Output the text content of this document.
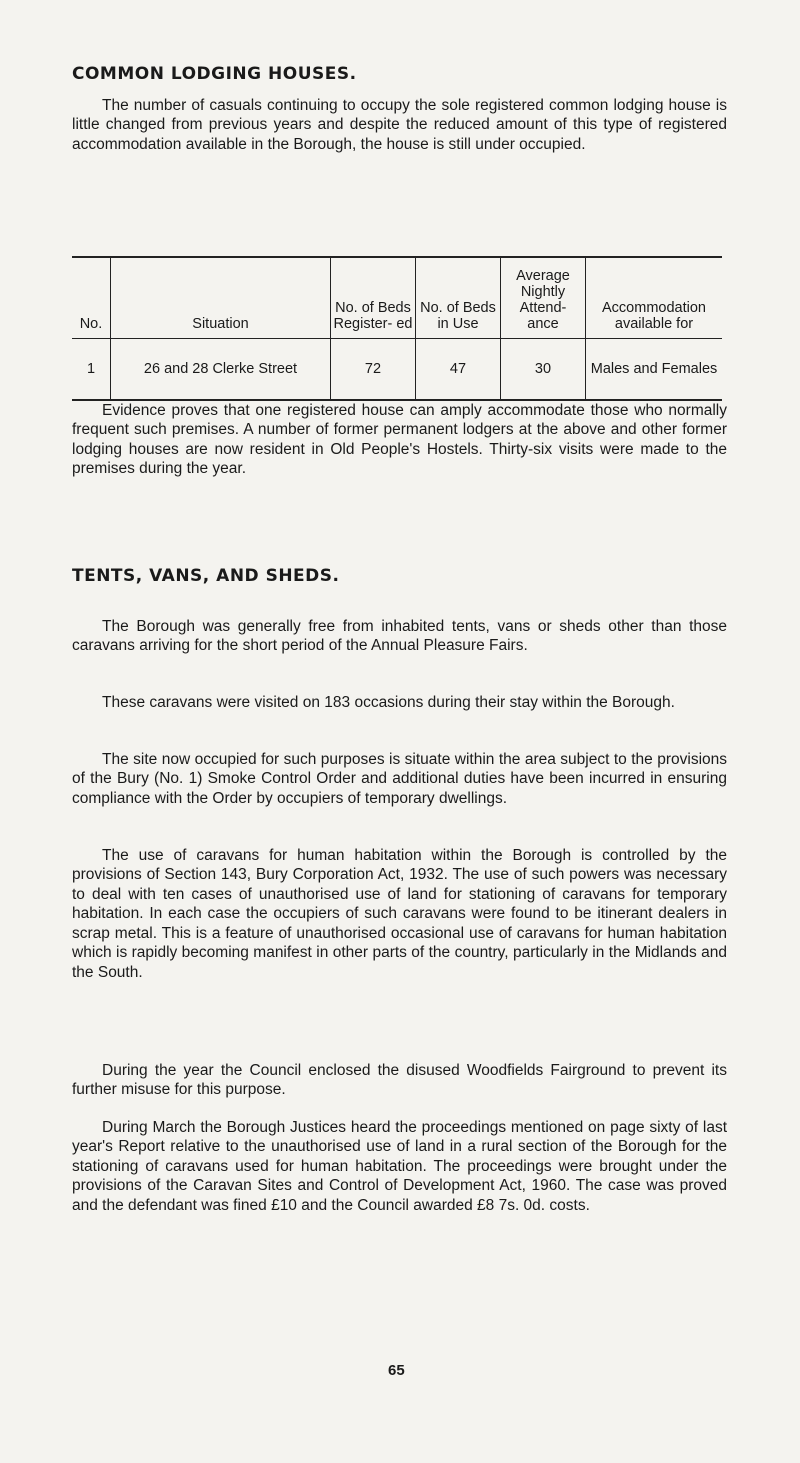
COMMON LODGING HOUSES.

The number of casuals continuing to occupy the sole registered common lodging house is little changed from previous years and despite the reduced amount of this type of registered accommodation available in the Borough, the house is still under occupied.

No.	Situation	No. of Beds Register- ed	No. of Beds in Use	Average Nightly Attend- ance	Accommodation available for
1	26 and 28 Clerke Street	72	47	30	Males and Females

Evidence proves that one registered house can amply accommodate those who normally frequent such premises. A number of former permanent lodgers at the above and other former lodging houses are now resident in Old People's Hostels. Thirty-six visits were made to the premises during the year.

TENTS, VANS, AND SHEDS.

The Borough was generally free from inhabited tents, vans or sheds other than those caravans arriving for the short period of the Annual Pleasure Fairs.

These caravans were visited on 183 occasions during their stay within the Borough.

The site now occupied for such purposes is situate within the area subject to the provisions of the Bury (No. 1) Smoke Control Order and additional duties have been incurred in ensuring compliance with the Order by occupiers of temporary dwellings.

The use of caravans for human habitation within the Borough is controlled by the provisions of Section 143, Bury Corporation Act, 1932. The use of such powers was necessary to deal with ten cases of unauthorised use of land for stationing of caravans for temporary habitation. In each case the occupiers of such caravans were found to be itinerant dealers in scrap metal. This is a feature of unauthorised occasional use of caravans for human habitation which is rapidly becoming manifest in other parts of the country, particularly in the Midlands and the South.

During the year the Council enclosed the disused Woodfields Fairground to prevent its further misuse for this purpose.

During March the Borough Justices heard the proceedings mentioned on page sixty of last year's Report relative to the unauthorised use of land in a rural section of the Borough for the stationing of caravans used for human habitation. The proceedings were brought under the provisions of the Caravan Sites and Control of Development Act, 1960. The case was proved and the defendant was fined £10 and the Council awarded £8 7s. 0d. costs.

65
